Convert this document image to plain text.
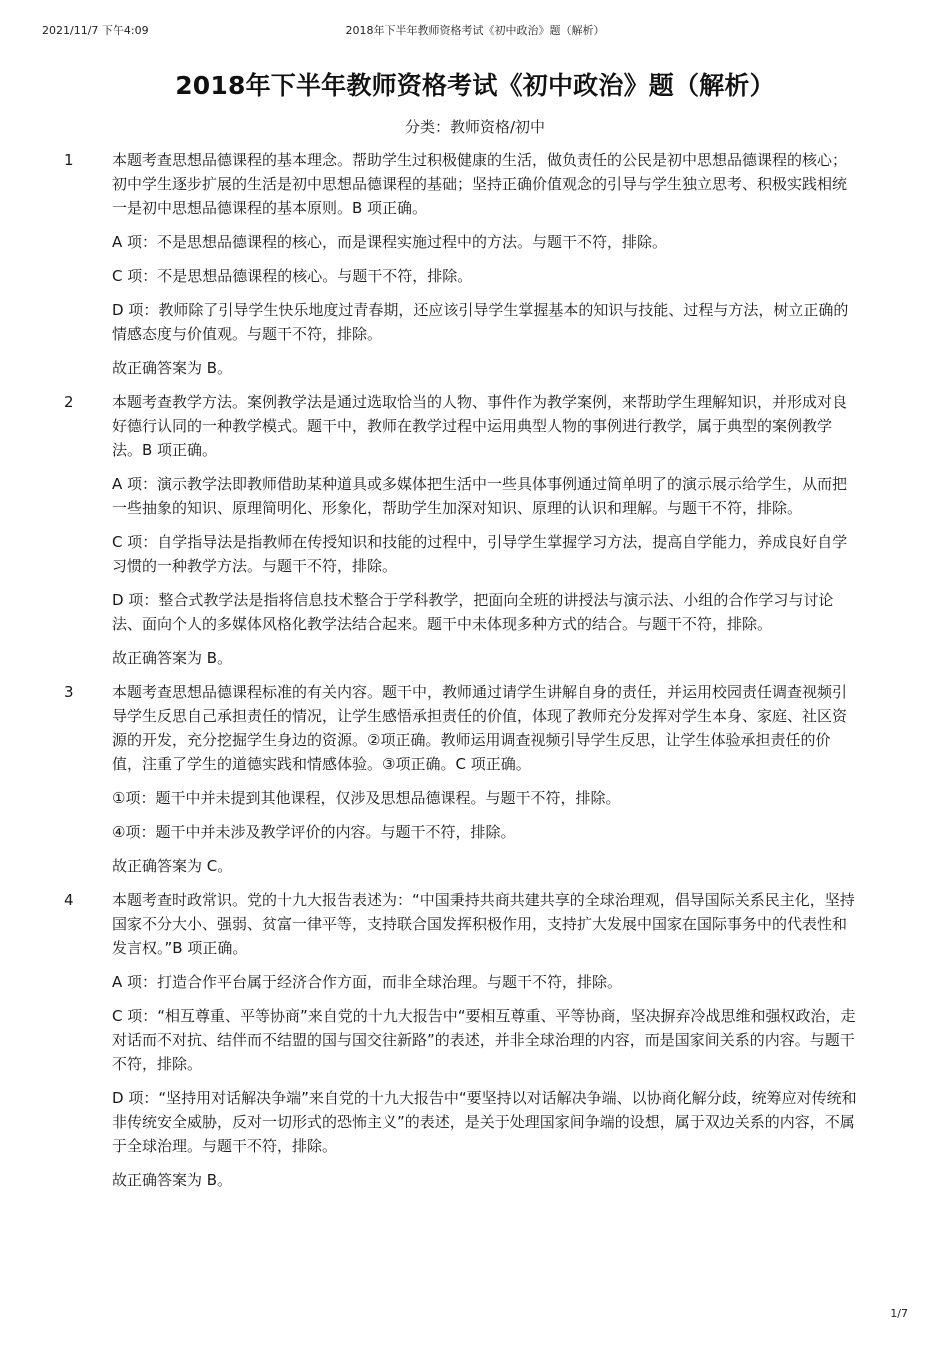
2021/11/7 下午4:09	2018年下半年教师资格考试《初中政治》题（解析）
2018年下半年教师资格考试《初中政治》题（解析）
分类：教师资格/初中
1	本题考查思想品德课程的基本理念。帮助学生过积极健康的生活，做负责任的公民是初中思想品德课程的核心；初中学生逐步扩展的生活是初中思想品德课程的基础；坚持正确价值观念的引导与学生独立思考、积极实践相统一是初中思想品德课程的基本原则。B 项正确。

A 项：不是思想品德课程的核心，而是课程实施过程中的方法。与题干不符，排除。

C 项：不是思想品德课程的核心。与题干不符，排除。

D 项：教师除了引导学生快乐地度过青春期，还应该引导学生掌握基本的知识与技能、过程与方法，树立正确的情感态度与价值观。与题干不符，排除。

故正确答案为 B。

2	本题考查教学方法。案例教学法是通过选取恰当的人物、事件作为教学案例，来帮助学生理解知识，并形成对良好德行认同的一种教学模式。题干中，教师在教学过程中运用典型人物的事例进行教学，属于典型的案例教学法。B 项正确。

A 项：演示教学法即教师借助某种道具或多媒体把生活中一些具体事例通过简单明了的演示展示给学生，从而把一些抽象的知识、原理简明化、形象化，帮助学生加深对知识、原理的认识和理解。与题干不符，排除。

C 项：自学指导法是指教师在传授知识和技能的过程中，引导学生掌握学习方法，提高自学能力，养成良好自学习惯的一种教学方法。与题干不符，排除。

D 项：整合式教学法是指将信息技术整合于学科教学，把面向全班的讲授法与演示法、小组的合作学习与讨论法、面向个人的多媒体风格化教学法结合起来。题干中未体现多种方式的结合。与题干不符，排除。

故正确答案为 B。

3	本题考查思想品德课程标准的有关内容。题干中，教师通过请学生讲解自身的责任，并运用校园责任调查视频引导学生反思自己承担责任的情况，让学生感悟承担责任的价值，体现了教师充分发挥对学生本身、家庭、社区资源的开发，充分挖掘学生身边的资源。②项正确。教师运用调查视频引导学生反思，让学生体验承担责任的价值，注重了学生的道德实践和情感体验。③项正确。C 项正确。

①项：题干中并未提到其他课程，仅涉及思想品德课程。与题干不符，排除。

④项：题干中并未涉及教学评价的内容。与题干不符，排除。

故正确答案为 C。

4	本题考查时政常识。党的十九大报告表述为：“中国秉持共商共建共享的全球治理观，倡导国际关系民主化，坚持国家不分大小、强弱、贫富一律平等，支持联合国发挥积极作用，支持扩大发展中国家在国际事务中的代表性和发言权。”B 项正确。

A 项：打造合作平台属于经济合作方面，而非全球治理。与题干不符，排除。

C 项：“相互尊重、平等协商”来自党的十九大报告中“要相互尊重、平等协商，坚决摒弃冷战思维和强权政治，走对话而不对抗、结伴而不结盟的国与国交往新路”的表述，并非全球治理的内容，而是国家间关系的内容。与题干不符，排除。

D 项：“坚持用对话解决争端”来自党的十九大报告中“要坚持以对话解决争端、以协商化解分歧，统筹应对传统和非传统安全威胁，反对一切形式的恐怖主义”的表述，是关于处理国家间争端的设想，属于双边关系的内容，不属于全球治理。与题干不符，排除。

故正确答案为 B。

1/7
